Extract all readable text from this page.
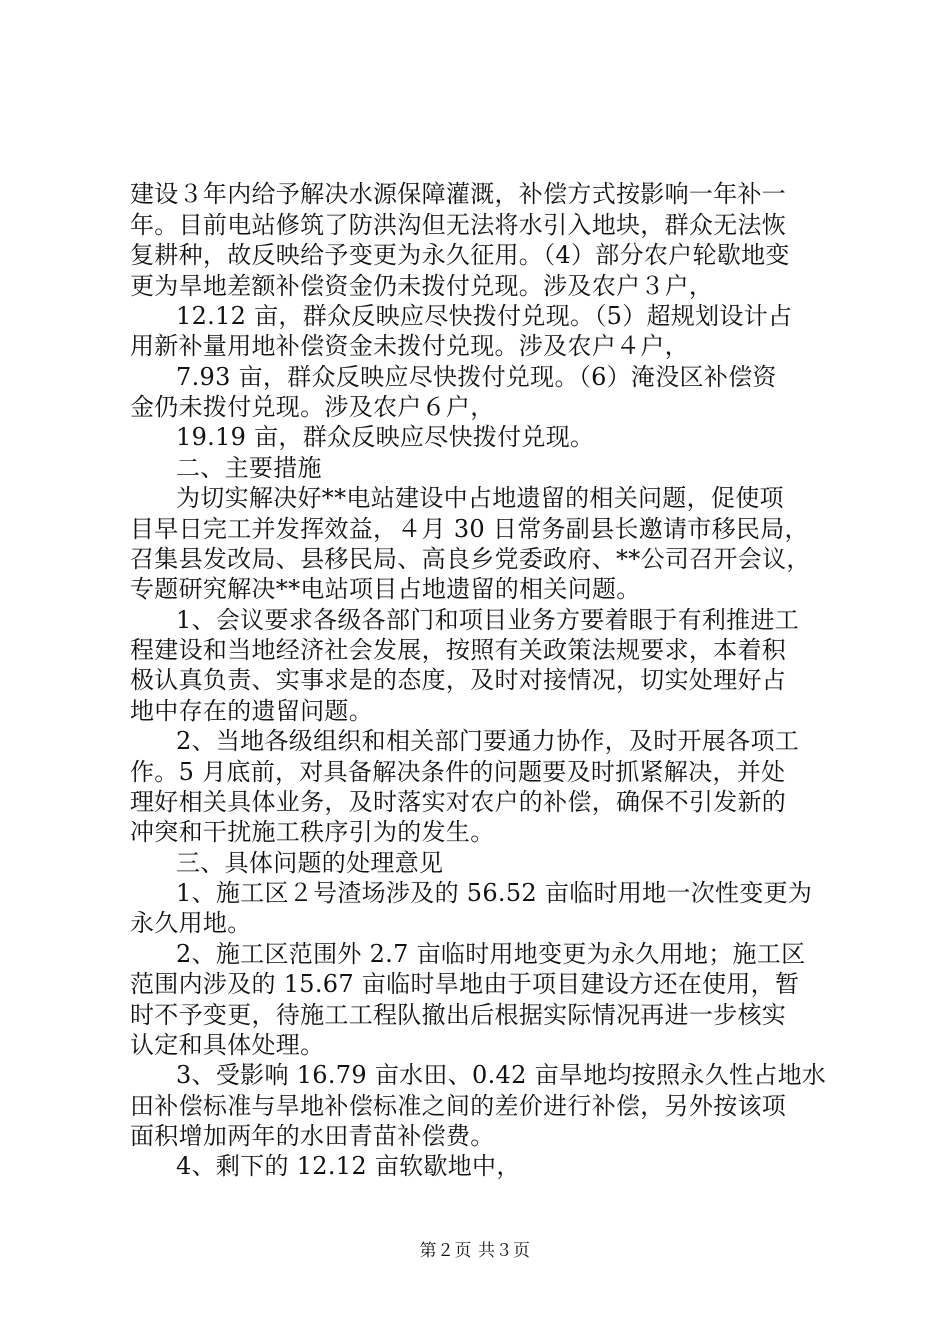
建设３年内给予解决水源保障灌溉，补偿方式按影响一年补一
年。目前电站修筑了防洪沟但无法将水引入地块，群众无法恢
复耕种，故反映给予变更为永久征用。（4）部分农户轮歇地变
更为旱地差额补偿资金仍未拨付兑现。涉及农户３户，
12.12 亩，群众反映应尽快拨付兑现。（5）超规划设计占
用新补量用地补偿资金未拨付兑现。涉及农户４户，
7.93 亩，群众反映应尽快拨付兑现。（6）淹没区补偿资
金仍未拨付兑现。涉及农户６户，
19.19 亩，群众反映应尽快拨付兑现。
二、主要措施
为切实解决好**电站建设中占地遗留的相关问题，促使项
目早日完工并发挥效益，４月 30 日常务副县长邀请市移民局，
召集县发改局、县移民局、高良乡党委政府、**公司召开会议，
专题研究解决**电站项目占地遗留的相关问题。
1、会议要求各级各部门和项目业务方要着眼于有利推进工
程建设和当地经济社会发展，按照有关政策法规要求，本着积
极认真负责、实事求是的态度，及时对接情况，切实处理好占
地中存在的遗留问题。
2、当地各级组织和相关部门要通力协作，及时开展各项工
作。5 月底前，对具备解决条件的问题要及时抓紧解决，并处
理好相关具体业务，及时落实对农户的补偿，确保不引发新的
冲突和干扰施工秩序引为的发生。
三、具体问题的处理意见
1、施工区２号渣场涉及的 56.52 亩临时用地一次性变更为
永久用地。
2、施工区范围外 2.7 亩临时用地变更为永久用地；施工区
范围内涉及的 15.67 亩临时旱地由于项目建设方还在使用，暂
时不予变更，待施工工程队撤出后根据实际情况再进一步核实
认定和具体处理。
3、受影响 16.79 亩水田、0.42 亩旱地均按照永久性占地水
田补偿标准与旱地补偿标准之间的差价进行补偿，另外按该项
面积增加两年的水田青苗补偿费。
4、剩下的 12.12 亩软歇地中，
第２页 共３页
